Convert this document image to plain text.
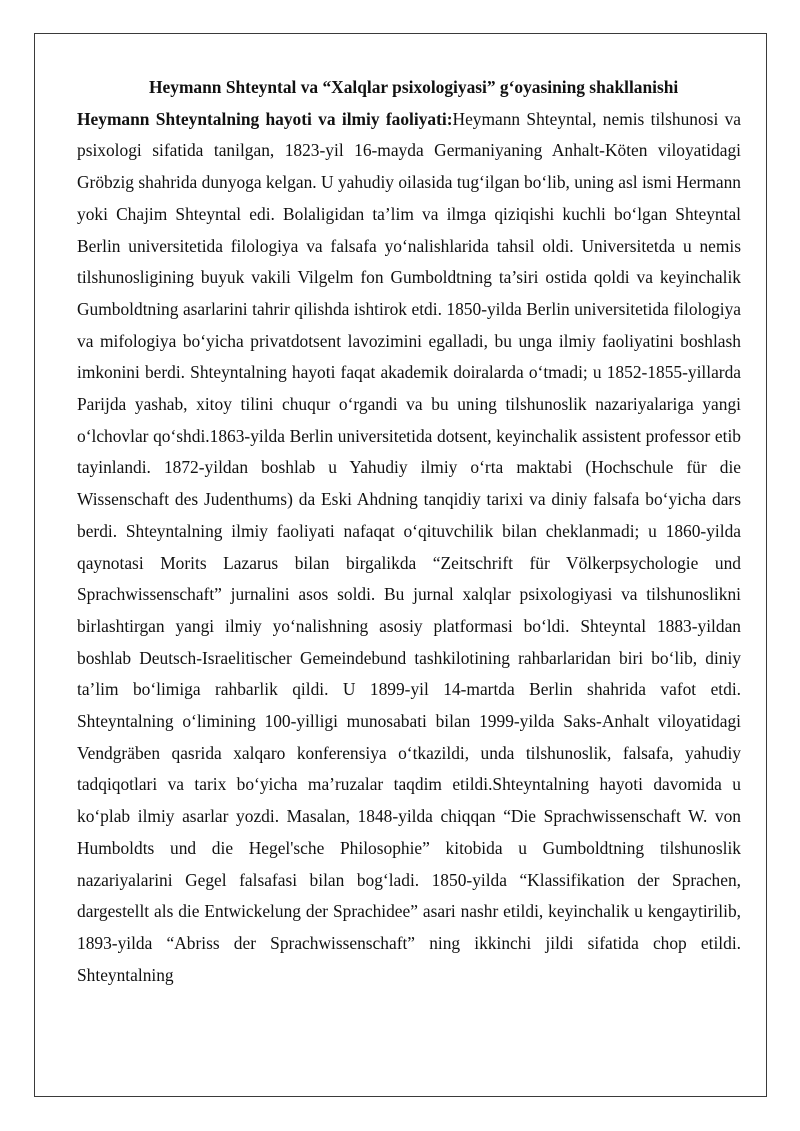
Heymann Shteyntal va “Xalqlar psixologiyasi” g‘oyasining shakllanishi

Heymann Shteyntalning hayoti va ilmiy faoliyati:Heymann Shteyntal, nemis tilshunosi va psixologi sifatida tanilgan, 1823-yil 16-mayda Germaniyaning Anhalt-Köten viloyatidagi Gröbzig shahrida dunyoga kelgan. U yahudiy oilasida tug‘ilgan bo‘lib, uning asl ismi Hermann yoki Chajim Shteyntal edi. Bolaligidan ta’lim va ilmga qiziqishi kuchli bo‘lgan Shteyntal Berlin universitetida filologiya va falsafa yo‘nalishlarida tahsil oldi. Universitetda u nemis tilshunosligining buyuk vakili Vilgelm fon Gumboldtning ta’siri ostida qoldi va keyinchalik Gumboldtning asarlarini tahrir qilishda ishtirok etdi. 1850-yilda Berlin universitetida filologiya va mifologiya bo‘yicha privatdotsent lavozimini egalladi, bu unga ilmiy faoliyatini boshlash imkonini berdi. Shteyntalning hayoti faqat akademik doiralarda o‘tmadi; u 1852-1855-yillarda Parijda yashab, xitoy tilini chuqur o‘rgandi va bu uning tilshunoslik nazariyalariga yangi o‘lchovlar qo‘shdi.1863-yilda Berlin universitetida dotsent, keyinchalik assistent professor etib tayinlandi. 1872-yildan boshlab u Yahudiy ilmiy o‘rta maktabi (Hochschule für die Wissenschaft des Judenthums) da Eski Ahdning tanqidiy tarixi va diniy falsafa bo‘yicha dars berdi. Shteyntalning ilmiy faoliyati nafaqat o‘qituvchilik bilan cheklanmadi; u 1860-yilda qaynotasi Morits Lazarus bilan birgalikda “Zeitschrift für Völkerpsychologie und Sprachwissenschaft” jurnalini asos soldi. Bu jurnal xalqlar psixologiyasi va tilshunoslikni birlashtirgan yangi ilmiy yo‘nalishning asosiy platformasi bo‘ldi. Shteyntal 1883-yildan boshlab Deutsch-Israelitischer Gemeindebund tashkilotining rahbarlaridan biri bo‘lib, diniy ta’lim bo‘limiga rahbarlik qildi. U 1899-yil 14-martda Berlin shahrida vafot etdi. Shteyntalning o‘limining 100-yilligi munosabati bilan 1999-yilda Saks-Anhalt viloyatidagi Vendgräben qasrida xalqaro konferensiya o‘tkazildi, unda tilshunoslik, falsafa, yahudiy tadqiqotlari va tarix bo‘yicha ma’ruzalar taqdim etildi.Shteyntalning hayoti davomida u ko‘plab ilmiy asarlar yozdi. Masalan, 1848-yilda chiqqan “Die Sprachwissenschaft W. von Humboldts und die Hegel'sche Philosophie” kitobida u Gumboldtning tilshunoslik nazariyalarini Gegel falsafasi bilan bog‘ladi. 1850-yilda “Klassifikation der Sprachen, dargestellt als die Entwickelung der Sprachidee” asari nashr etildi, keyinchalik u kengaytirilib, 1893-yilda “Abriss der Sprachwissenschaft” ning ikkinchi jildi sifatida chop etildi. Shteyntalning
